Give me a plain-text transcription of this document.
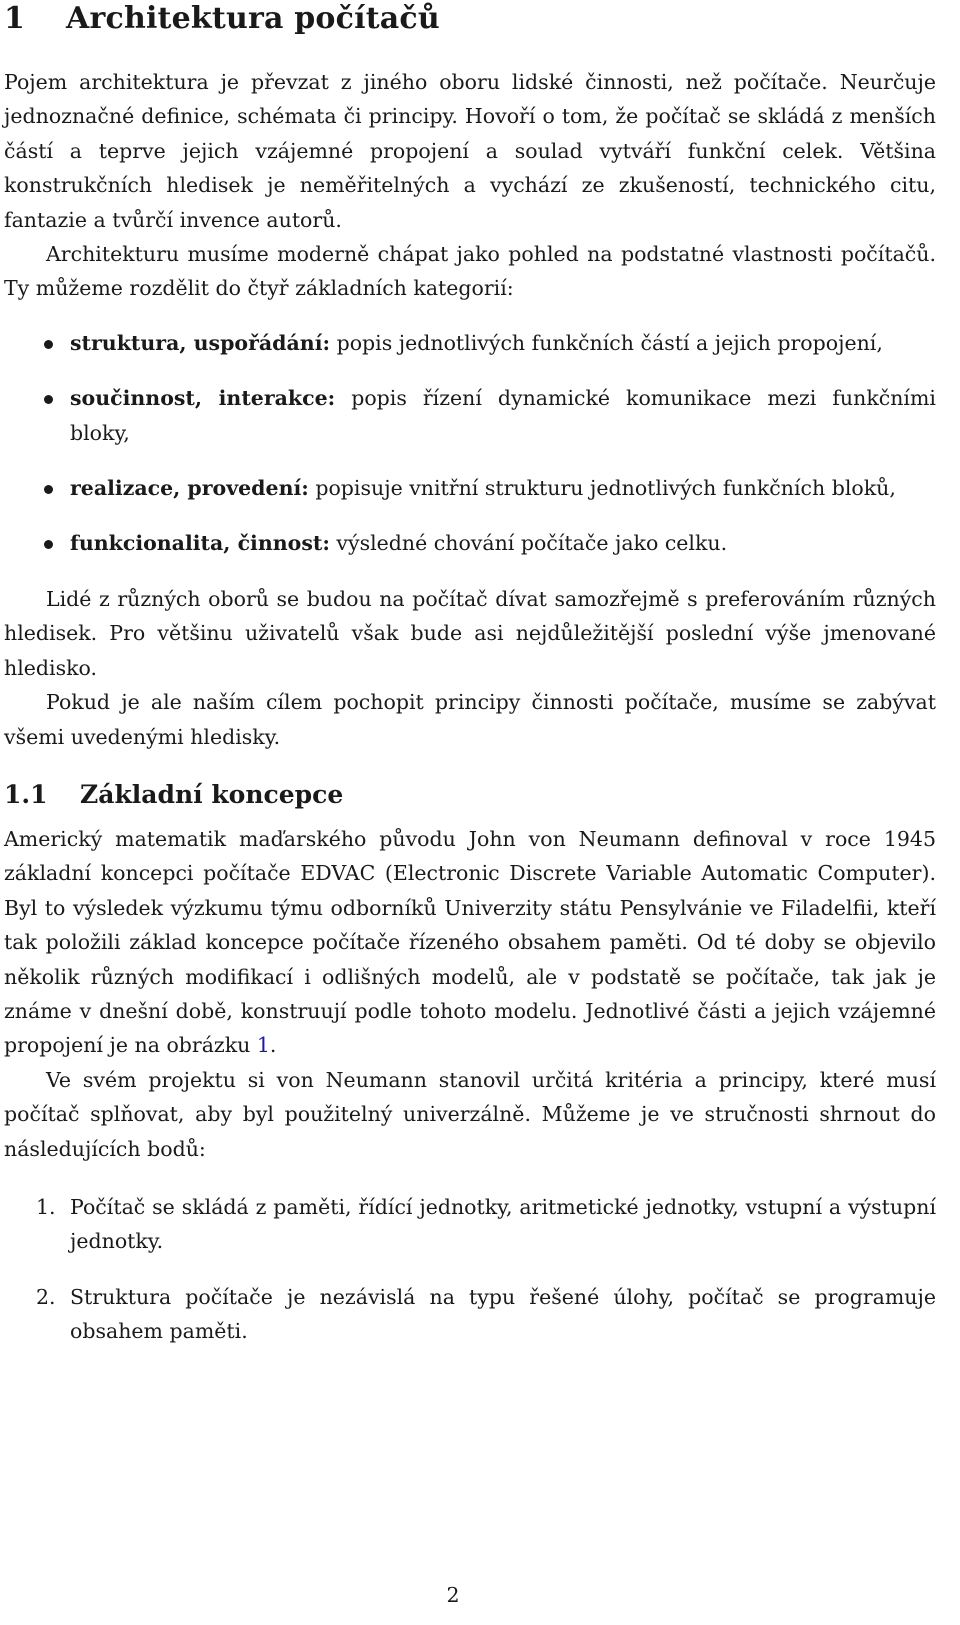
1 Architektura počítačů

Pojem architektura je převzat z jiného oboru lidské činnosti, než počítače. Neurčuje jednoznačné definice, schémata či principy. Hovoří o tom, že počítač se skládá z menších částí a teprve jejich vzájemné propojení a soulad vytváří funkční celek. Většina konstrukčních hledisek je neměřitelných a vychází ze zkušeností, technického citu, fantazie a tvůrčí invence autorů.

Architekturu musíme moderně chápat jako pohled na podstatné vlastnosti počítačů. Ty můžeme rozdělit do čtyř základních kategorií:

struktura, uspořádání: popis jednotlivých funkčních částí a jejich propojení,
součinnost, interakce: popis řízení dynamické komunikace mezi funkčními bloky,
realizace, provedení: popisuje vnitřní strukturu jednotlivých funkčních bloků,
funkcionalita, činnost: výsledné chování počítače jako celku.

Lidé z různých oborů se budou na počítač dívat samozřejmě s preferováním různých hledisek. Pro většinu uživatelů však bude asi nejdůležitější poslední výše jmenované hledisko.

Pokud je ale naším cílem pochopit principy činnosti počítače, musíme se zabývat všemi uvedenými hledisky.

1.1 Základní koncepce

Americký matematik maďarského původu John von Neumann definoval v roce 1945 základní koncepci počítače EDVAC (Electronic Discrete Variable Automatic Computer). Byl to výsledek výzkumu týmu odborníků Univerzity státu Pensylvánie ve Filadelfii, kteří tak položili základ koncepce počítače řízeného obsahem paměti. Od té doby se objevilo několik různých modifikací i odlišných modelů, ale v podstatě se počítače, tak jak je známe v dnešní době, konstruují podle tohoto modelu. Jednotlivé části a jejich vzájemné propojení je na obrázku 1.

Ve svém projektu si von Neumann stanovil určitá kritéria a principy, které musí počítač splňovat, aby byl použitelný univerzálně. Můžeme je ve stručnosti shrnout do následujících bodů:

1. Počítač se skládá z paměti, řídící jednotky, aritmetické jednotky, vstupní a výstupní jednotky.
2. Struktura počítače je nezávislá na typu řešené úlohy, počítač se programuje obsahem paměti.
2
